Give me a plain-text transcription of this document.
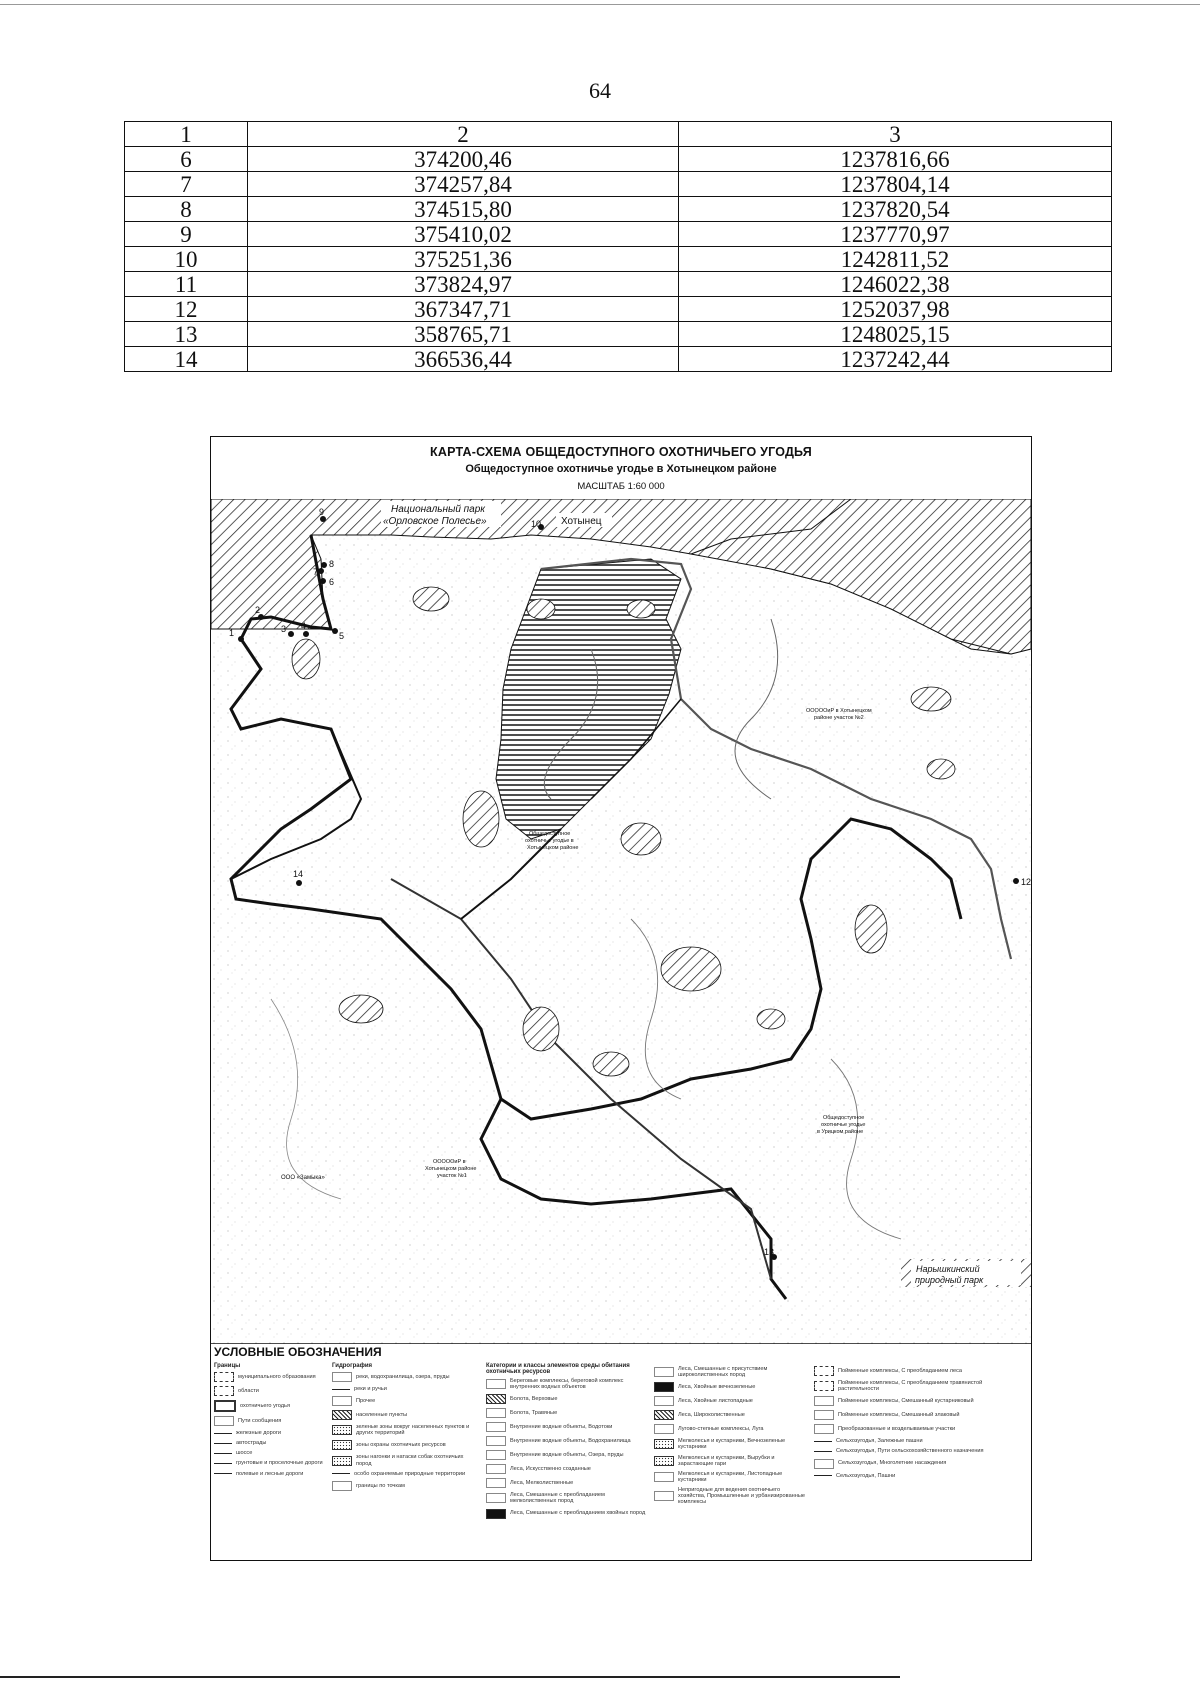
64
1	2	3
6	374200,46	1237816,66
7	374257,84	1237804,14
8	374515,80	1237820,54
9	375410,02	1237770,97
10	375251,36	1242811,52
11	373824,97	1246022,38
12	367347,71	1252037,98
13	358765,71	1248025,15
14	366536,44	1237242,44
КАРТА-СХЕМА ОБЩЕДОСТУПНОГО ОХОТНИЧЬЕГО УГОДЬЯ
Общедоступное охотничье угодье в Хотынецком районе
МАСШТАБ 1:60 000
1
2
3 4
5
6
7
8
9
10
12
13
14
Национальный парк
«Орловское Полесье»	Хотынец
ОООООиР в Хотынецком
районе участок №2
Общедоступное
охотничье угодье в
Хотынецком районе
ОООООиР в
Хотынецком районе
участок №1
ООО «Замыка»
Общедоступное
охотничье угодье
в Урицком районе
Нарышкинский
природный парк
УСЛОВНЫЕ ОБОЗНАЧЕНИЯ
Границы
муниципального образования
области
охотничьего угодья
Пути сообщения
железные дороги
автострады
шоссе
грунтовые и проселочные дороги
полевые и лесные дороги
Гидрография
реки, водохранилища, озера, пруды
реки и ручьи
Прочее
населенные пункты
зеленые зоны вокруг населенных пунктов и других территорий
зоны охраны охотничьих ресурсов
зоны нагонки и натаски собак охотничьих пород
особо охраняемые природные территории
границы по точкам
Категории и классы элементов среды обитания охотничьих ресурсов
Береговые комплексы, береговой комплекс внутренних водных объектов
Болота, Верховые
Болота, Травяные
Внутренние водные объекты, Водотоки
Внутренние водные объекты, Водохранилища
Внутренние водные объекты, Озера, пруды
Леса, Искусственно созданные
Леса, Мелколиственные
Леса, Смешанные с преобладанием мелколиственных пород
Леса, Смешанные с преобладанием хвойных пород
Леса, Смешанные с присутствием широколиственных пород
Леса, Хвойные вечнозеленые
Леса, Хвойные листопадные
Леса, Широколиственные
Лугово-степные комплексы, Луга
Мелколесья и кустарники, Вечнозеленые кустарники
Мелколесья и кустарники, Вырубки и зарастающие гари
Мелколесья и кустарники, Листопадные кустарники
Непригодные для ведения охотничьего хозяйства, Промышленные и урбанизированные комплексы
Пойменные комплексы, С преобладанием леса
Пойменные комплексы, С преобладанием травянистой растительности
Пойменные комплексы, Смешанный кустарниковый
Пойменные комплексы, Смешанный злаковый
Преобразованные и возделываемые участки
Сельхозугодья, Залежные пашни
Сельхозугодья, Пути сельскохозяйственного назначения
Сельхозугодья, Многолетние насаждения
Сельхозугодья, Пашни
